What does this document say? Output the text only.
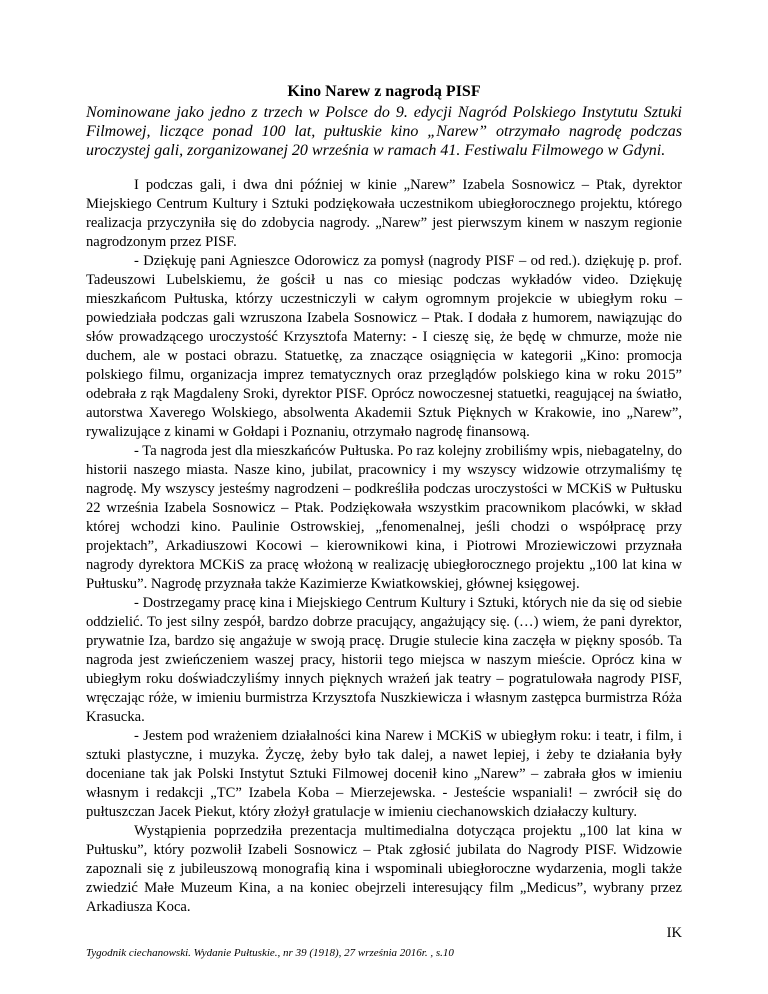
Kino Narew z nagrodą PISF

Nominowane jako jedno z trzech w Polsce do 9. edycji Nagród Polskiego Instytutu Sztuki Filmowej, liczące ponad 100 lat, pułtuskie kino „Narew” otrzymało nagrodę podczas uroczystej gali, zorganizowanej 20 września w ramach 41. Festiwalu Filmowego w Gdyni.

I podczas gali, i dwa dni później w kinie „Narew” Izabela Sosnowicz – Ptak, dyrektor Miejskiego Centrum Kultury i Sztuki podziękowała uczestnikom ubiegłorocznego projektu, którego realizacja przyczyniła się do zdobycia nagrody. „Narew” jest pierwszym kinem w naszym regionie nagrodzonym przez PISF.

- Dziękuję pani Agnieszce Odorowicz za pomysł (nagrody PISF – od red.). dziękuję p. prof. Tadeuszowi Lubelskiemu, że gościł u nas co miesiąc podczas wykładów video. Dziękuję mieszkańcom Pułtuska, którzy uczestniczyli w całym ogromnym projekcie w ubiegłym roku – powiedziała podczas gali wzruszona Izabela Sosnowicz – Ptak. I dodała z humorem, nawiązując do słów prowadzącego uroczystość Krzysztofa Materny: - I cieszę się, że będę w chmurze, może nie duchem, ale w postaci obrazu. Statuetkę, za znaczące osiągnięcia w kategorii „Kino: promocja polskiego filmu, organizacja imprez tematycznych oraz przeglądów polskiego kina w roku 2015” odebrała z rąk Magdaleny Sroki, dyrektor PISF. Oprócz nowoczesnej statuetki, reagującej na światło, autorstwa Xaverego Wolskiego, absolwenta Akademii Sztuk Pięknych w Krakowie, ino „Narew”, rywalizujące z kinami w Gołdapi i Poznaniu, otrzymało nagrodę finansową.

- Ta nagroda jest dla mieszkańców Pułtuska. Po raz kolejny zrobiliśmy wpis, niebagatelny, do historii naszego miasta. Nasze kino, jubilat, pracownicy i my wszyscy widzowie otrzymaliśmy tę nagrodę. My wszyscy jesteśmy nagrodzeni – podkreśliła podczas uroczystości w MCKiS w Pułtusku 22 września Izabela Sosnowicz – Ptak. Podziękowała wszystkim pracownikom placówki, w skład której wchodzi kino. Paulinie Ostrowskiej, „fenomenalnej, jeśli chodzi o współpracę przy projektach”, Arkadiuszowi Kocowi – kierownikowi kina, i Piotrowi Mroziewiczowi przyznała nagrody dyrektora MCKiS za pracę włożoną w realizację ubiegłorocznego projektu „100 lat kina w Pułtusku”. Nagrodę przyznała także Kazimierze Kwiatkowskiej, głównej księgowej.

- Dostrzegamy pracę kina i Miejskiego Centrum Kultury i Sztuki, których nie da się od siebie oddzielić. To jest silny zespół, bardzo dobrze pracujący, angażujący się. (…) wiem, że pani dyrektor, prywatnie Iza, bardzo się angażuje w swoją pracę. Drugie stulecie kina zaczęła w piękny sposób. Ta nagroda jest zwieńczeniem waszej pracy, historii tego miejsca w naszym mieście. Oprócz kina w ubiegłym roku doświadczyliśmy innych pięknych wrażeń jak teatry – pogratulowała nagrody PISF, wręczając róże, w imieniu burmistrza Krzysztofa Nuszkiewicza i własnym zastępca burmistrza Róża Krasucka.

- Jestem pod wrażeniem działalności kina Narew i MCKiS w ubiegłym roku: i teatr, i film, i sztuki plastyczne, i muzyka. Życzę, żeby było tak dalej, a nawet lepiej, i żeby te działania były doceniane tak jak Polski Instytut Sztuki Filmowej docenił kino „Narew” – zabrała głos w imieniu własnym i redakcji „TC” Izabela Koba – Mierzejewska. - Jesteście wspaniali! – zwrócił się do pułtuszczan Jacek Piekut, który złożył gratulacje w imieniu ciechanowskich działaczy kultury.

Wystąpienia poprzedziła prezentacja multimedialna dotycząca projektu „100 lat kina w Pułtusku”, który pozwolił Izabeli Sosnowicz – Ptak zgłosić jubilata do Nagrody PISF. Widzowie zapoznali się z jubileuszową monografią kina i wspominali ubiegłoroczne wydarzenia, mogli także zwiedzić Małe Muzeum Kina, a na koniec obejrzeli interesujący film „Medicus”, wybrany przez Arkadiusza Koca.

IK
Tygodnik ciechanowski. Wydanie Pułtuskie., nr 39 (1918), 27 września 2016r. , s.10
